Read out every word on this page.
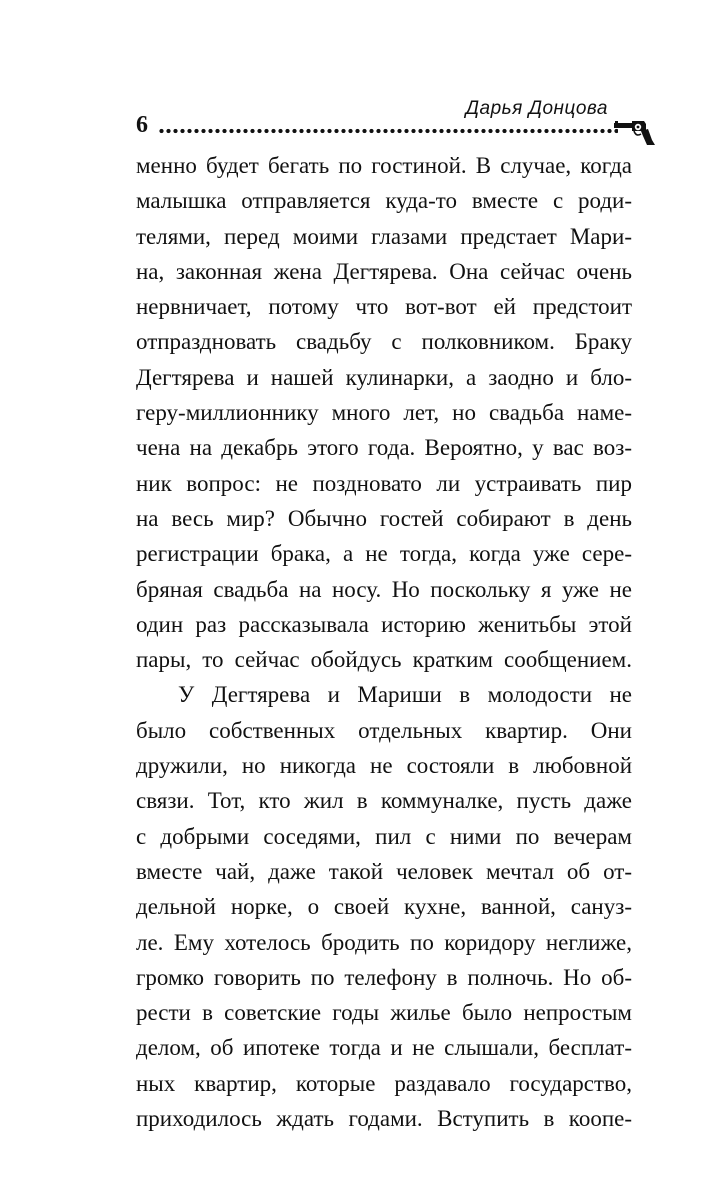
Дарья Донцова
6

менно будет бегать по гостиной. В случае, когда
малышка отправляется куда-то вместе с роди-
телями, перед моими глазами предстает Мари-
на, законная жена Дегтярева. Она сейчас очень
нервничает, потому что вот-вот ей предстоит
отпраздновать свадьбу с полковником. Браку
Дегтярева и нашей кулинарки, а заодно и бло-
геру-миллионнику много лет, но свадьба наме-
чена на декабрь этого года. Вероятно, у вас воз-
ник вопрос: не поздновато ли устраивать пир
на весь мир? Обычно гостей собирают в день
регистрации брака, а не тогда, когда уже сере-
бряная свадьба на носу. Но поскольку я уже не
один раз рассказывала историю женитьбы этой
пары, то сейчас обойдусь кратким сообщением.

У Дегтярева и Мариши в молодости не
было собственных отдельных квартир. Они
дружили, но никогда не состояли в любовной
связи. Тот, кто жил в коммуналке, пусть даже
с добрыми соседями, пил с ними по вечерам
вместе чай, даже такой человек мечтал об от-
дельной норке, о своей кухне, ванной, сануз-
ле. Ему хотелось бродить по коридору неглиже,
громко говорить по телефону в полночь. Но об-
рести в советские годы жилье было непростым
делом, об ипотеке тогда и не слышали, бесплат-
ных квартир, которые раздавало государство,
приходилось ждать годами. Вступить в коопе-
